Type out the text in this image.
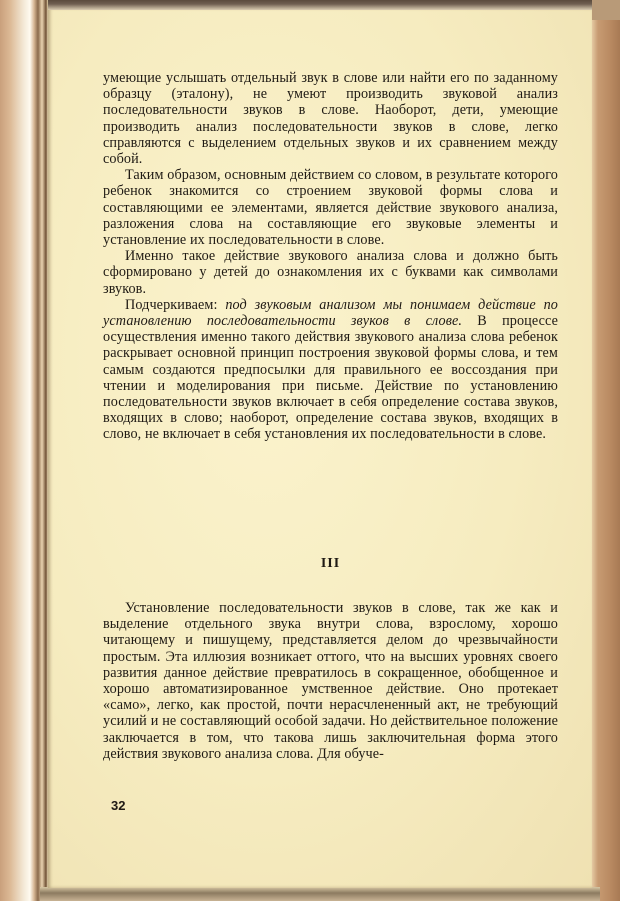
умеющие услышать отдельный звук в слове или найти его по заданному образцу (эталону), не умеют производить звуковой анализ последовательности звуков в слове. Наоборот, дети, умеющие производить анализ последовательности звуков в слове, легко справляются с выделением отдельных звуков и их сравнением между собой.

Таким образом, основным действием со словом, в результате которого ребенок знакомится со строением звуковой формы слова и составляющими ее элементами, является действие звукового анализа, разложения слова на составляющие его звуковые элементы и установление их последовательности в слове.

Именно такое действие звукового анализа слова и должно быть сформировано у детей до ознакомления их с буквами как символами звуков.

Подчеркиваем: под звуковым анализом мы понимаем действие по установлению последовательности звуков в слове. В процессе осуществления именно такого действия звукового анализа слова ребенок раскрывает основной принцип построения звуковой формы слова, и тем самым создаются предпосылки для правильного ее воссоздания при чтении и моделирования при письме. Действие по установлению последовательности звуков включает в себя определение состава звуков, входящих в слово; наоборот, определение состава звуков, входящих в слово, не включает в себя установления их последовательности в слове.

III

Установление последовательности звуков в слове, так же как и выделение отдельного звука внутри слова, взрослому, хорошо читающему и пишущему, представляется делом до чрезвычайности простым. Эта иллюзия возникает оттого, что на высших уровнях своего развития данное действие превратилось в сокращенное, обобщенное и хорошо автоматизированное умственное действие. Оно протекает «само», легко, как простой, почти нерасчлененный акт, не требующий усилий и не составляющий особой задачи. Но действительное положение заключается в том, что такова лишь заключительная форма этого действия звукового анализа слова. Для обуче-

32
